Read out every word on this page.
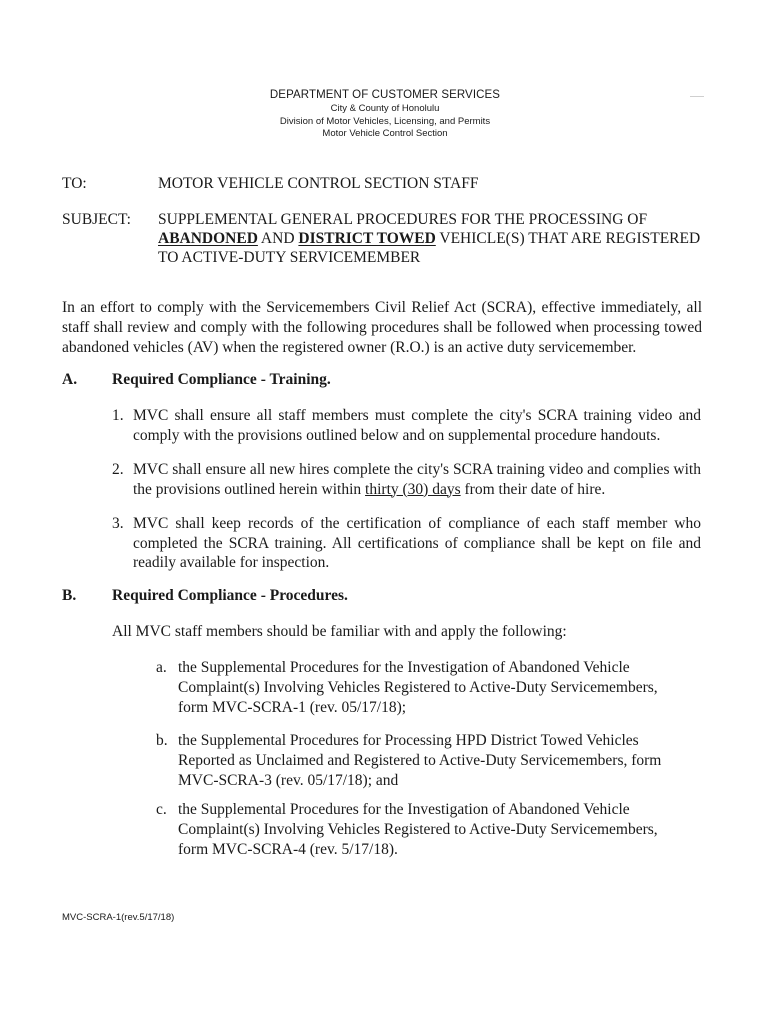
DEPARTMENT OF CUSTOMER SERVICES
City & County of Honolulu
Division of Motor Vehicles, Licensing, and Permits
Motor Vehicle Control Section
TO:	MOTOR VEHICLE CONTROL SECTION STAFF
SUBJECT: SUPPLEMENTAL GENERAL PROCEDURES FOR THE PROCESSING OF
ABANDONED AND DISTRICT TOWED VEHICLE(S) THAT ARE REGISTERED
TO ACTIVE-DUTY SERVICEMEMBER
In an effort to comply with the Servicemembers Civil Relief Act (SCRA), effective immediately, all staff shall review and comply with the following procedures shall be followed when processing towed abandoned vehicles (AV) when the registered owner (R.O.) is an active duty servicemember.
A. Required Compliance - Training.
1. MVC shall ensure all staff members must complete the city's SCRA training video and comply with the provisions outlined below and on supplemental procedure handouts.
2. MVC shall ensure all new hires complete the city's SCRA training video and complies with the provisions outlined herein within thirty (30) days from their date of hire.
3. MVC shall keep records of the certification of compliance of each staff member who completed the SCRA training. All certifications of compliance shall be kept on file and readily available for inspection.
B. Required Compliance - Procedures.
All MVC staff members should be familiar with and apply the following:
a. the Supplemental Procedures for the Investigation of Abandoned Vehicle Complaint(s) Involving Vehicles Registered to Active-Duty Servicemembers, form MVC-SCRA-1 (rev. 05/17/18);
b. the Supplemental Procedures for Processing HPD District Towed Vehicles Reported as Unclaimed and Registered to Active-Duty Servicemembers, form MVC-SCRA-3 (rev. 05/17/18); and
c. the Supplemental Procedures for the Investigation of Abandoned Vehicle Complaint(s) Involving Vehicles Registered to Active-Duty Servicemembers, form MVC-SCRA-4 (rev. 5/17/18).
MVC-SCRA-1(rev.5/17/18)
